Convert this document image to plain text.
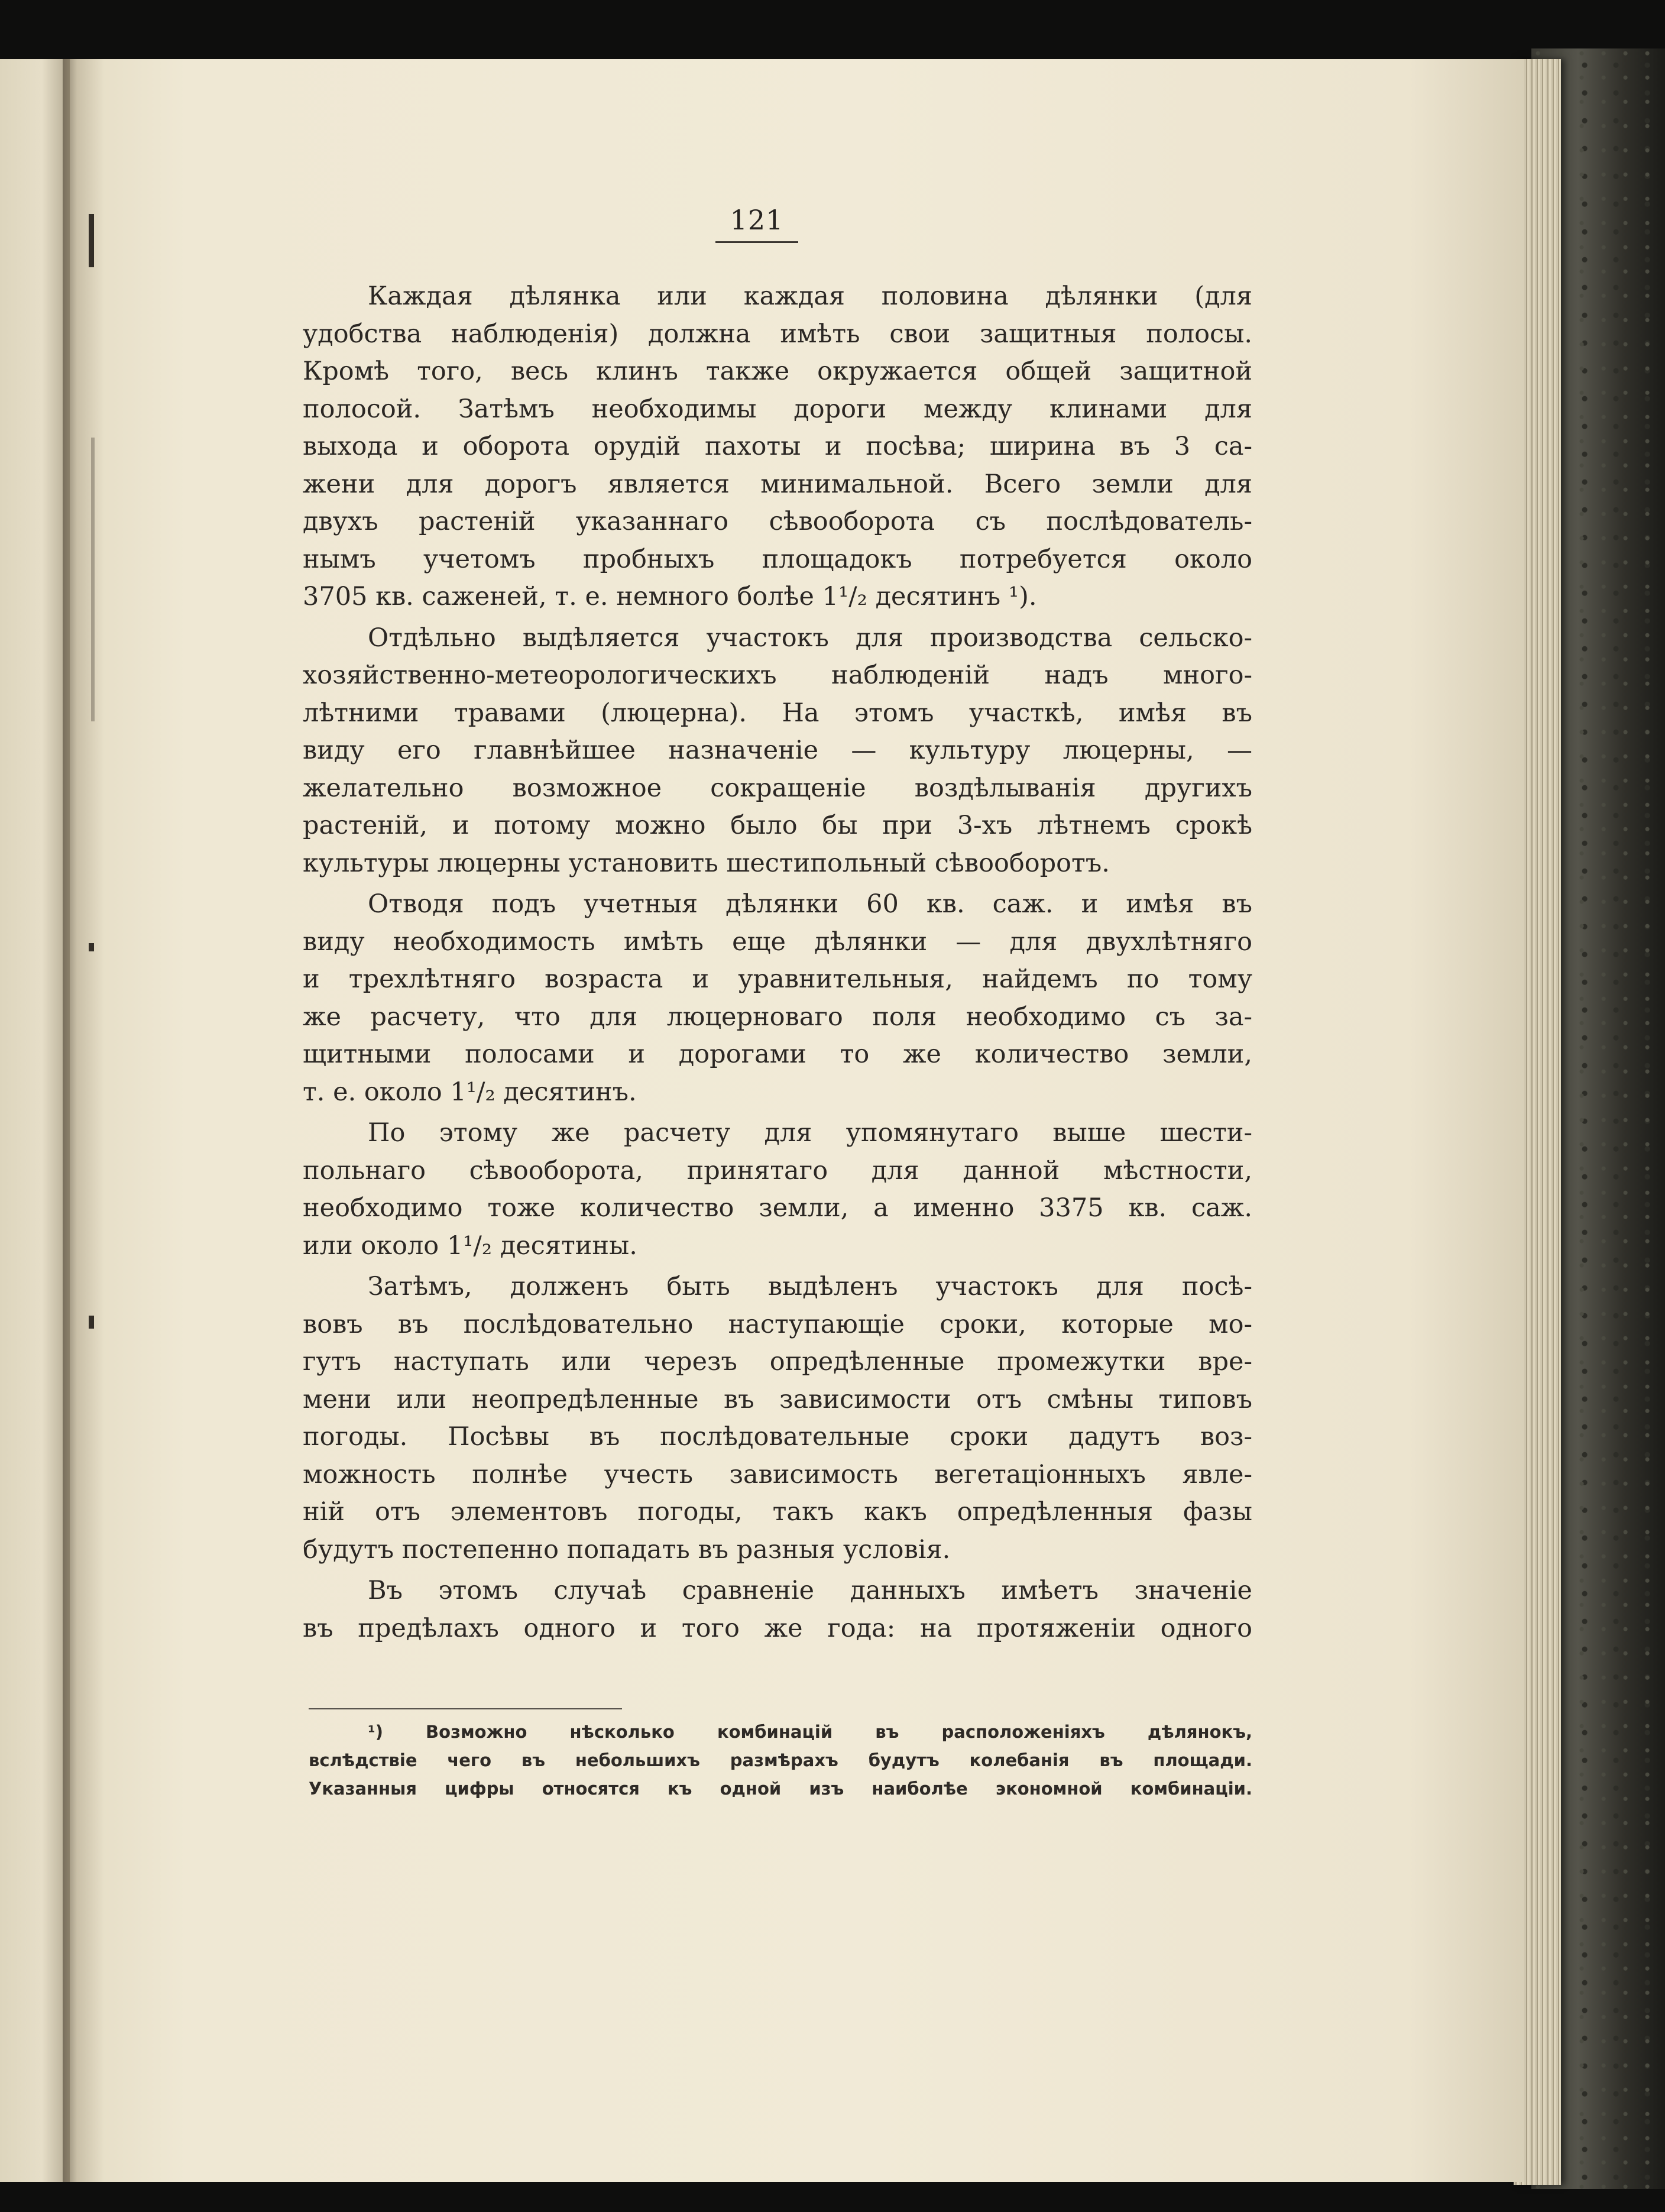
121
Каждая дѣлянка или каждая половина дѣлянки (для
удобства наблюденія) должна имѣть свои защитныя полосы.
Кромѣ того, весь клинъ также окружается общей защитной
полосой. Затѣмъ необходимы дороги между клинами для
выхода и оборота орудій пахоты и посѣва; ширина въ 3 са-
жени для дорогъ является минимальной. Всего земли для
двухъ растеній указаннаго сѣвооборота съ послѣдователь-
нымъ учетомъ пробныхъ площадокъ потребуется около
3705 кв. саженей, т. е. немного болѣе 1¹/₂ десятинъ ¹).
Отдѣльно выдѣляется участокъ для производства сельско-
хозяйственно-метеорологическихъ наблюденій надъ много-
лѣтними травами (люцерна). На этомъ участкѣ, имѣя въ
виду его главнѣйшее назначеніе — культуру люцерны, —
желательно возможное сокращеніе воздѣлыванія другихъ
растеній, и потому можно было бы при 3-хъ лѣтнемъ срокѣ
культуры люцерны установить шестипольный сѣвооборотъ.
Отводя подъ учетныя дѣлянки 60 кв. саж. и имѣя въ
виду необходимость имѣть еще дѣлянки — для двухлѣтняго
и трехлѣтняго возраста и уравнительныя, найдемъ по тому
же расчету, что для люцерноваго поля необходимо съ за-
щитными полосами и дорогами то же количество земли,
т. е. около 1¹/₂ десятинъ.
По этому же расчету для упомянутаго выше шести-
польнаго сѣвооборота, принятаго для данной мѣстности,
необходимо тоже количество земли, а именно 3375 кв. саж.
или около 1¹/₂ десятины.
Затѣмъ, долженъ быть выдѣленъ участокъ для посѣ-
вовъ въ послѣдовательно наступающіе сроки, которые мо-
гутъ наступать или черезъ опредѣленные промежутки вре-
мени или неопредѣленные въ зависимости отъ смѣны типовъ
погоды. Посѣвы въ послѣдовательные сроки дадутъ воз-
можность полнѣе учесть зависимость вегетаціонныхъ явле-
ній отъ элементовъ погоды, такъ какъ опредѣленныя фазы
будутъ постепенно попадать въ разныя условія.
Въ этомъ случаѣ сравненіе данныхъ имѣетъ значеніе
въ предѣлахъ одного и того же года: на протяженіи одного
¹) Возможно нѣсколько комбинацій въ расположеніяхъ дѣлянокъ,
вслѣдствіе чего въ небольшихъ размѣрахъ будутъ колебанія въ площади.
Указанныя цифры относятся къ одной изъ наиболѣе экономной комбинаціи.
